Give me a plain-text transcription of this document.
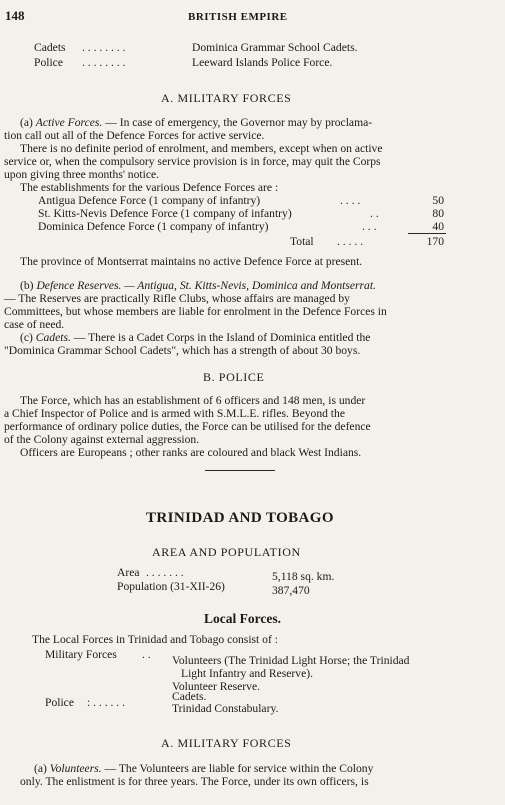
148	BRITISH EMPIRE
Cadets . . . . . . . .	Dominica Grammar School Cadets.
Police . . . . . . . .	Leeward Islands Police Force.
A. MILITARY FORCES
(a) Active Forces. — In case of emergency, the Governor may by proclama-
tion call out all of the Defence Forces for active service.
There is no definite period of enrolment, and members, except when on active
service or, when the compulsory service provision is in force, may quit the Corps
upon giving three months' notice.
The establishments for the various Defence Forces are :
Antigua Defence Force (1 company of infantry)	. . . .	50
St. Kitts-Nevis Defence Force (1 company of infantry)	. .	80
Dominica Defence Force (1 company of infantry)	. . .	40
Total . . . . .	170
The province of Montserrat maintains no active Defence Force at present.
(b) Defence Reserves. — Antigua, St. Kitts-Nevis, Dominica and Montserrat.
— The Reserves are practically Rifle Clubs, whose affairs are managed by
Committees, but whose members are liable for enrolment in the Defence Forces in
case of need.
(c) Cadets. — There is a Cadet Corps in the Island of Dominica entitled the
"Dominica Grammar School Cadets", which has a strength of about 30 boys.
B. POLICE
The Force, which has an establishment of 6 officers and 148 men, is under
a Chief Inspector of Police and is armed with S.M.L.E. rifles. Beyond the
performance of ordinary police duties, the Force can be utilised for the defence
of the Colony against external aggression.
Officers are Europeans ; other ranks are coloured and black West Indians.
TRINIDAD AND TOBAGO
AREA AND POPULATION
Area . . . . . . .	5,118 sq. km.
Population (31-XII-26)	387,470
Local Forces.
The Local Forces in Trinidad and Tobago consist of :
Military Forces . . Volunteers (The Trinidad Light Horse; the Trinidad
Light Infantry and Reserve).
Volunteer Reserve.
Cadets.
Police : . . . . . .	Trinidad Constabulary.
A. MILITARY FORCES
(a) Volunteers. — The Volunteers are liable for service within the Colony
only. The enlistment is for three years. The Force, under its own officers, is
